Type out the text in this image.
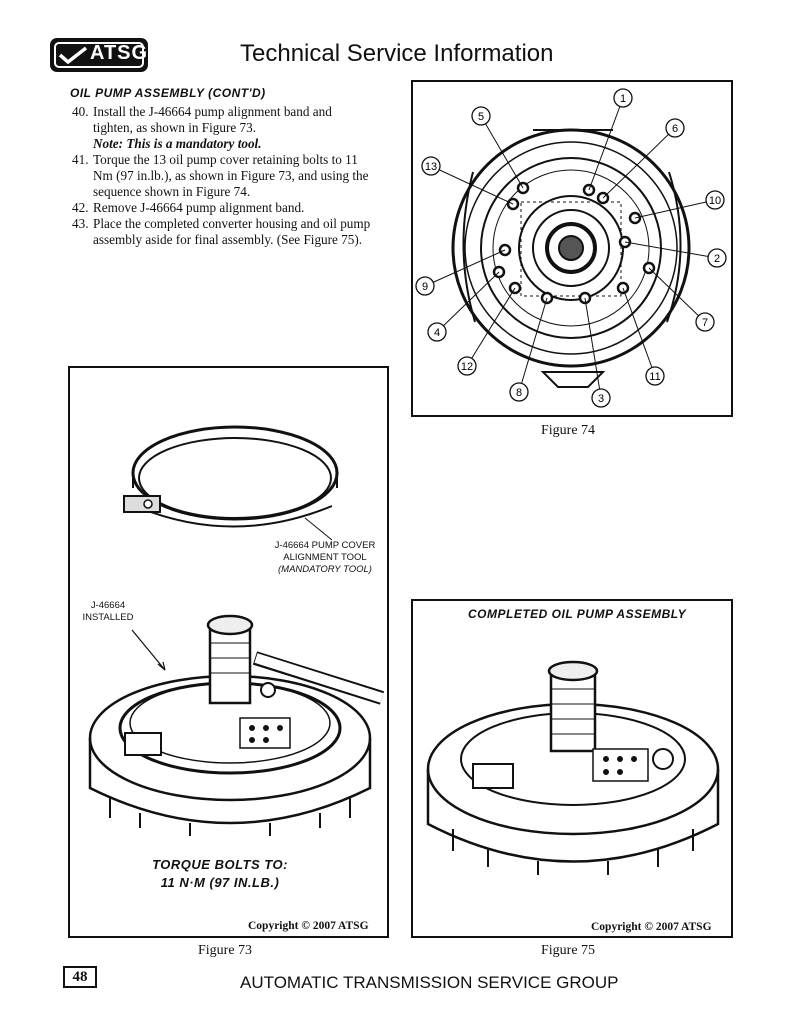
ATSG	Technical Service Information
OIL PUMP ASSEMBLY (CONT'D)
40. Install the J-46664 pump alignment band and tighten, as shown in Figure 73.
Note: This is a mandatory tool.
41. Torque the 13 oil pump cover retaining bolts to 11 Nm (97 in.lb.), as shown in Figure 73, and using the sequence shown in Figure 74.
42. Remove J-46664 pump alignment band.
43. Place the completed converter housing and oil pump assembly aside for final assembly. (See Figure 75).
1
2
3
4
5
6
7
8
9
10
11
12
13
Figure 74
J-46664 PUMP COVER
ALIGNMENT TOOL
(MANDATORY TOOL)
J-46664
INSTALLED
TORQUE BOLTS TO:
11 N·M (97 IN.LB.)
Copyright © 2007 ATSG
Figure 73
COMPLETED OIL PUMP ASSEMBLY
Copyright © 2007 ATSG
Figure 75
48	AUTOMATIC TRANSMISSION SERVICE GROUP
